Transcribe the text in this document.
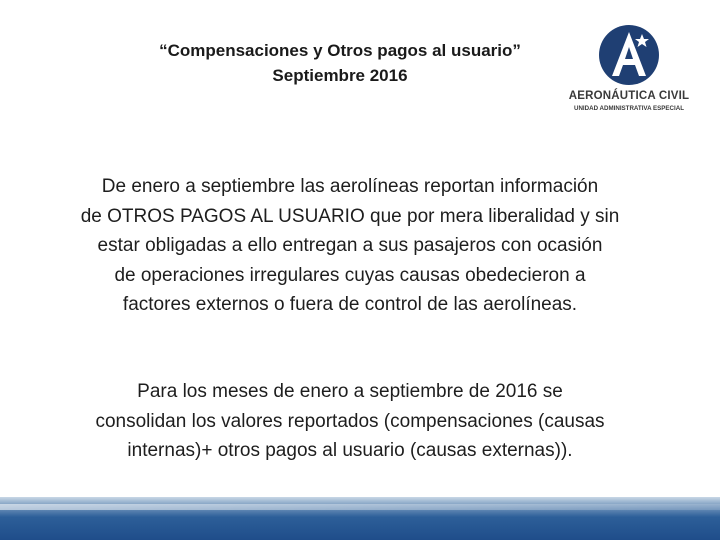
“Compensaciones y Otros pagos al usuario”
Septiembre 2016
AERONÁUTICA CIVIL
UNIDAD ADMINISTRATIVA ESPECIAL
De enero a septiembre las aerolíneas reportan información
de OTROS PAGOS AL USUARIO que por mera liberalidad y sin
estar obligadas a ello entregan a sus pasajeros con ocasión
de operaciones irregulares cuyas causas obedecieron a
factores externos o fuera de control de las aerolíneas.
Para los meses de enero a septiembre de 2016 se
consolidan los valores reportados (compensaciones (causas
internas)+ otros pagos al usuario (causas externas)).
